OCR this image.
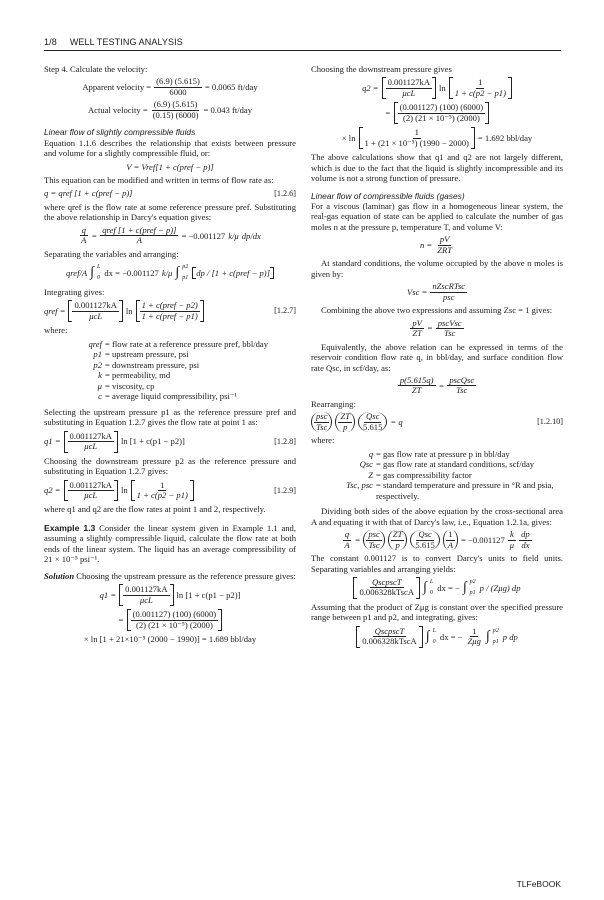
1/8 WELL TESTING ANALYSIS

Step 4. Calculate the velocity:

Apparent velocity = $\frac{(6.9) (5.615)}{6000} = 0.0065$ ft/day
Actual velocity = $\frac{(6.9) (5.615)}{(0.15) (6000)} = 0.043$ ft/day

Linear flow of slightly compressible fluids

Equation 1.1.6 describes the relationship that exists between pressure and volume for a slightly compressible fluid, or:

V = Vref[1 + c(pref − p)]

This equation can be modified and written in terms of flow rate as:

q = qref [1 + c(pref − p)]	[1.2.6]

where qref is the flow rate at some reference pressure pref. Substituting the above relationship in Darcy's equation gives:

$\frac{q}{A} = \frac{\text{qref [1 + c(pref − p)]}}{A} = -0.001127$ k/μ dp/dx

Separating the variables and arranging:

qref/A ∫ L
0
dx = −0.001127 k/μ ∫ p2
p1
dp / [1 + c(pref − p)]

Integrating gives:

qref = $\frac{0.001127kA}{\text{μcL}}$ $\ln \frac{\text{1 + c(pref − p2)}}{\text{1 + c(pref − p1)}}$	[1.2.7]

where:

qref = flow rate at a reference pressure pref, bbl/day
p1 = upstream pressure, psi
p2 = downstream pressure, psi
k = permeability, md
μ = viscosity, cp
c = average liquid compressibility, psi⁻¹

Selecting the upstream pressure p1 as the reference pressure pref and substituting in Equation 1.2.7 gives the flow rate at point 1 as:

$q1 = \frac{0.001127kA}{\text{μcL}}$ ln [1 + c(p1 − p2)]	[1.2.8]

Choosing the downstream pressure p2 as the reference pressure and substituting in Equation 1.2.7 gives:

$q2 = \frac{0.001127kA}{\text{μcL}}$ $\ln \frac{1}{1 + c(p2 - p1)}$	[1.2.9]

where q1 and q2 are the flow rates at point 1 and 2, respectively.

Example 1.3 Consider the linear system given in Example 1.1 and, assuming a slightly compressible liquid, calculate the flow rate at both ends of the linear system. The liquid has an average compressibility of 21 × 10⁻⁵ psi⁻¹.

Solution Choosing the upstream pressure as the reference pressure gives:

$q1 = \frac{0.001127kA}{\text{μcL}}$ ln [1 + c(p1 − p2)]
= $\frac{(0.001127) (100) (6000)}{\text{(2) (21 × 10⁻⁵) (2000)}}$
× ln [1 + 21×10⁻⁵ (2000 − 1990)] = 1.689 bbl/day

Choosing the downstream pressure gives

$q2 = \frac{0.001127kA}{\text{μcL}}$ $\ln \frac{1}{1 + c(p2 - p1)}$
= $\frac{(0.001127) (100) (6000)}{\text{(2) (21 × 10⁻⁵) (2000)}}$
× $\ln \frac{1}{\text{1 + (21 × 10⁻⁵) (1990 − 2000)}} = 1.692$ bbl/day

The above calculations show that q1 and q2 are not largely different, which is due to the fact that the liquid is slightly incompressible and its volume is not a strong function of pressure.

Linear flow of compressible fluids (gases)

For a viscous (laminar) gas flow in a homogeneous linear system, the real-gas equation of state can be applied to calculate the number of gas moles n at the pressure p, temperature T, and volume V:

$n = \frac{pV}{\text{ZRT}}$

At standard conditions, the volume occupied by the above n moles is given by:

Vsc = $\frac{\text{nZscRTsc}}{\text{psc}}$

Combining the above two expressions and assuming Zsc = 1 gives:

$\frac{pV}{ZT} = \frac{\text{pscVsc}}{\text{Tsc}}$

Equivalently, the above relation can be expressed in terms of the reservoir condition flow rate q, in bbl/day, and surface condition flow rate Qsc, in scf/day, as:

$\frac{p(5.615q)}{ZT} = \frac{\text{pscQsc}}{\text{Tsc}}$

Rearranging:

$\frac{\text{psc}}{\text{Tsc}} \frac{ZT}{p} \frac{\text{Qsc}}{5.615} = q$	[1.2.10]

where:

q = gas flow rate at pressure p in bbl/day
Qsc = gas flow rate at standard conditions, scf/day
Z = gas compressibility factor
Tsc, psc = standard temperature and pressure in °R and psia, respectively.

Dividing both sides of the above equation by the cross-sectional area A and equating it with that of Darcy's law, i.e., Equation 1.2.1a, gives:

$\frac{q}{A} = \frac{\text{psc}}{\text{Tsc}} \frac{ZT}{p} \frac{\text{Qsc}}{5.615} \frac{1}{A} = -0.001127 \frac{k}{\mu} \frac{dp}{dx}$

The constant 0.001127 is to convert Darcy's units to field units. Separating variables and arranging yields:

$\frac{\text{QscpscT}}{\text{0.006328kTscA}}$ ∫ L
0
dx = − ∫ p2
p1
p / (Zμg) dp

Assuming that the product of Zμg is constant over the specified pressure range between p1 and p2, and integrating, gives:

$\frac{\text{QscpscT}}{\text{0.006328kTscA}}$ ∫ L
0
dx = − $\frac{1}{\text{Zμg}}$ ∫ p2
p1
p dp
TLFeBOOK
